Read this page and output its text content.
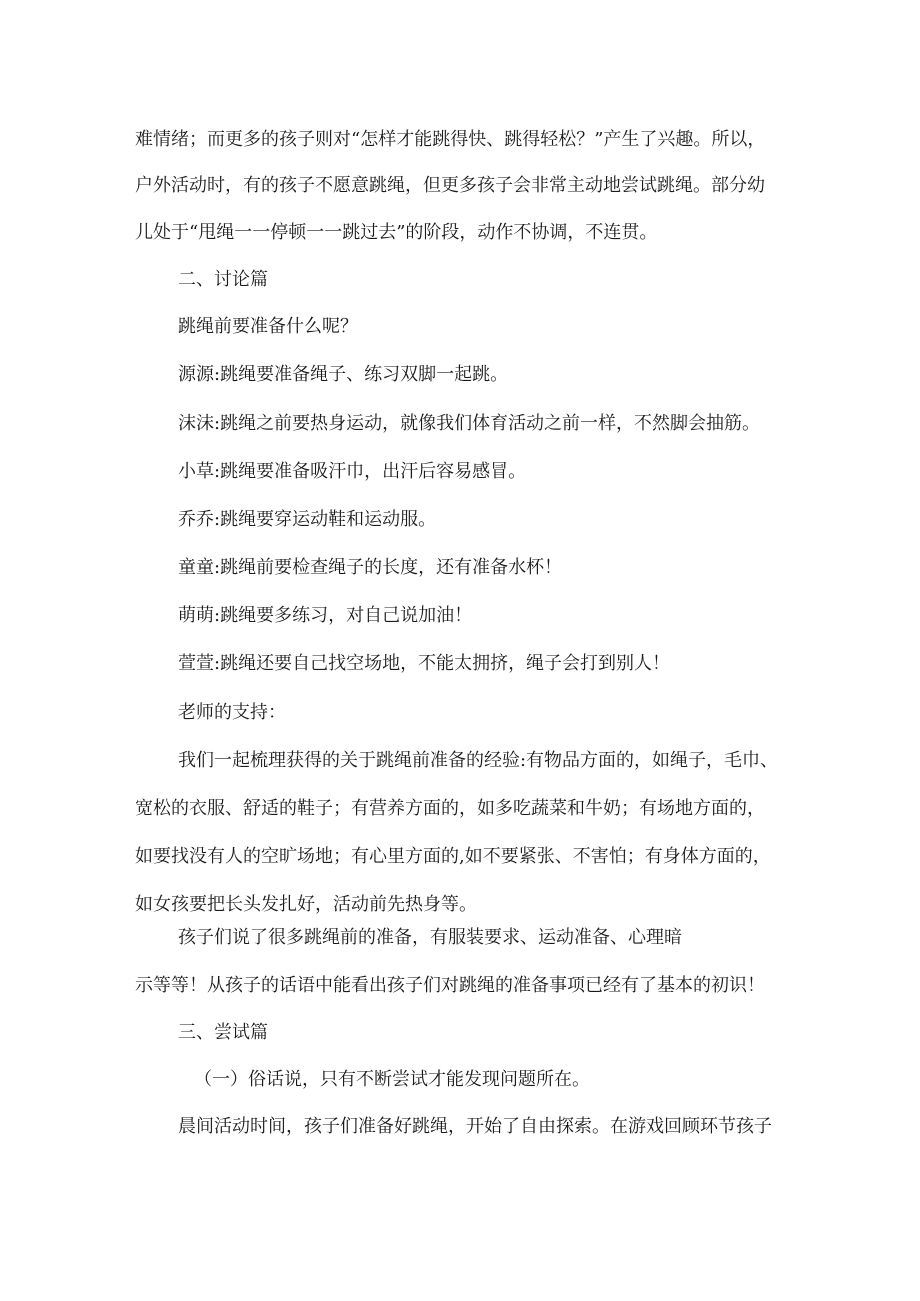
难情绪；而更多的孩子则对“怎样才能跳得快、跳得轻松？”产生了兴趣。所以，
户外活动时，有的孩子不愿意跳绳，但更多孩子会非常主动地尝试跳绳。部分幼
儿处于“甩绳一一停顿一一跳过去”的阶段，动作不协调，不连贯。
二、讨论篇
跳绳前要准备什么呢？
源源:跳绳要准备绳子、练习双脚一起跳。
沫沫:跳绳之前要热身运动，就像我们体育活动之前一样，不然脚会抽筋。
小草:跳绳要准备吸汗巾，出汗后容易感冒。
乔乔:跳绳要穿运动鞋和运动服。
童童:跳绳前要检查绳子的长度，还有准备水杯！
萌萌:跳绳要多练习，对自己说加油！
萱萱:跳绳还要自己找空场地，不能太拥挤，绳子会打到别人！
老师的支持：
我们一起梳理获得的关于跳绳前准备的经验:有物品方面的，如绳子，毛巾、
宽松的衣服、舒适的鞋子；有营养方面的，如多吃蔬菜和牛奶；有场地方面的，
如要找没有人的空旷场地；有心里方面的,如不要紧张、不害怕；有身体方面的，
如女孩要把长头发扎好，活动前先热身等。
孩子们说了很多跳绳前的准备，有服装要求、运动准备、心理暗
示等等！从孩子的话语中能看出孩子们对跳绳的准备事项已经有了基本的初识！
三、尝试篇
（一）俗话说，只有不断尝试才能发现问题所在。
晨间活动时间，孩子们准备好跳绳，开始了自由探索。在游戏回顾环节孩子
